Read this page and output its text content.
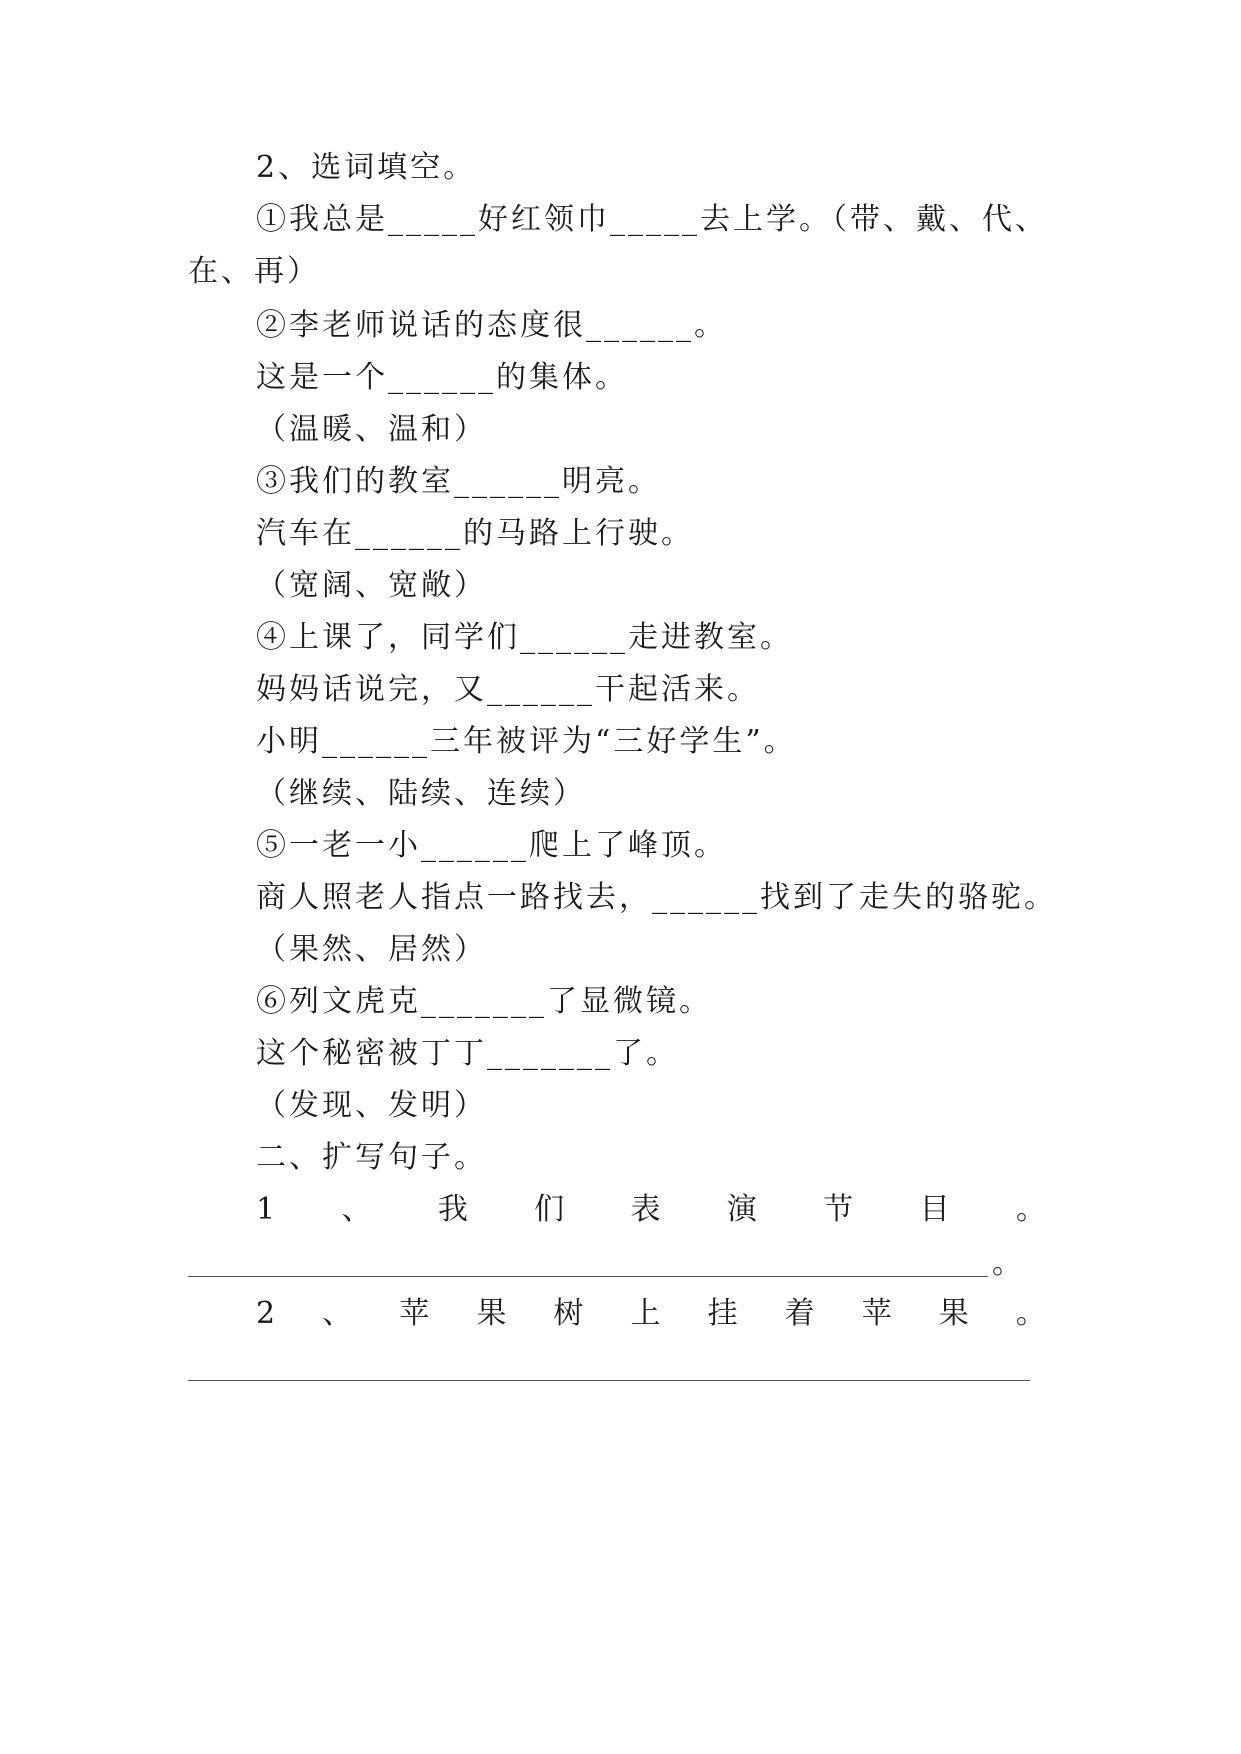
2、选词填空。
①我总是_____好红领巾_____去上学。（带、戴、代、
在、再）
②李老师说话的态度很______。
这是一个______的集体。
（温暖、温和）
③我们的教室______明亮。
汽车在______的马路上行驶。
（宽阔、宽敞）
④上课了，同学们______走进教室。
妈妈话说完，又______干起活来。
小明______三年被评为“三好学生”。
（继续、陆续、连续）
⑤一老一小______爬上了峰顶。
商人照老人指点一路找去，______找到了走失的骆驼。
（果然、居然）
⑥列文虎克_______了显微镜。
这个秘密被丁丁_______了。
（发现、发明）
二、扩写句子。
1 、 我 们 表 演 节 目 。
。
2 、 苹 果 树 上 挂 着 苹 果 。
